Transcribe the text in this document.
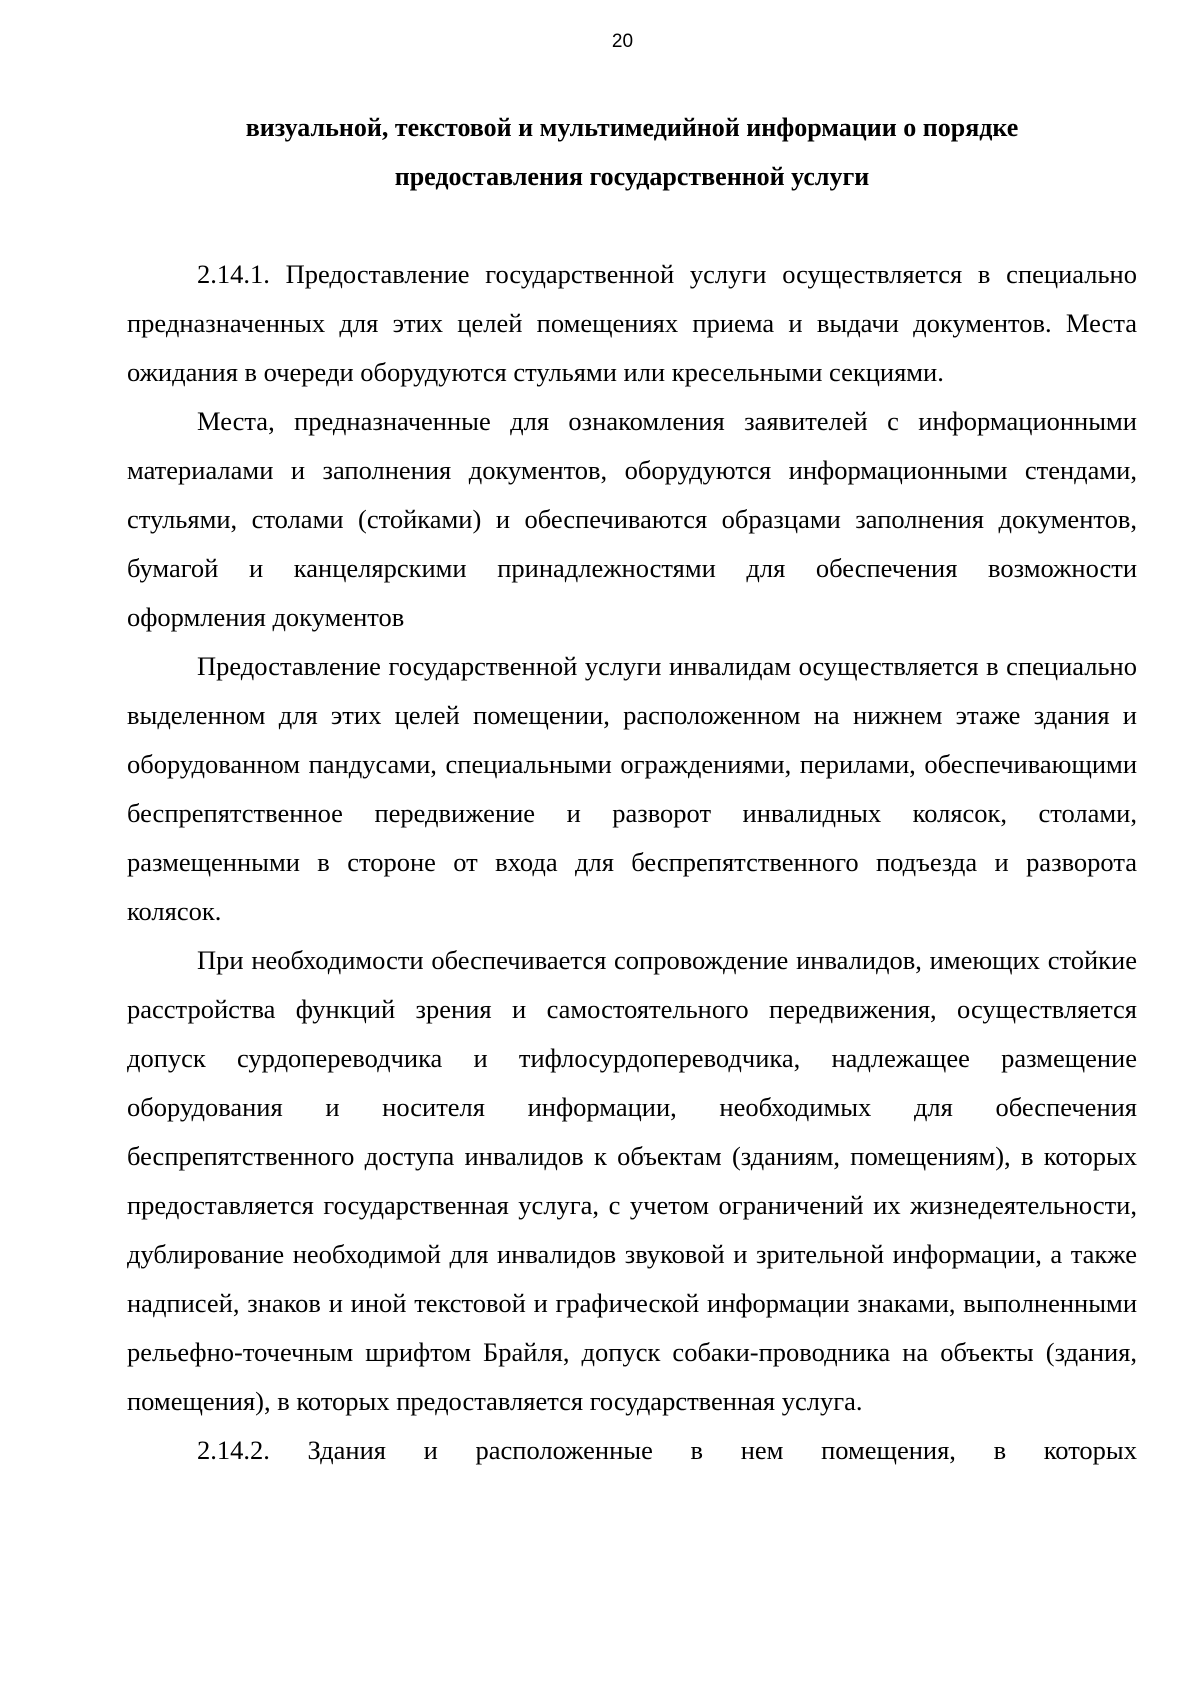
20
визуальной, текстовой и мультимедийной информации о порядке
предоставления государственной услуги

2.14.1. Предоставление государственной услуги осуществляется в специально предназначенных для этих целей помещениях приема и выдачи документов. Места ожидания в очереди оборудуются стульями или кресельными секциями.

Места, предназначенные для ознакомления заявителей с информационными материалами и заполнения документов, оборудуются информационными стендами, стульями, столами (стойками) и обеспечиваются образцами заполнения документов, бумагой и канцелярскими принадлежностями для обеспечения возможности оформления документов

Предоставление государственной услуги инвалидам осуществляется в специально выделенном для этих целей помещении, расположенном на нижнем этаже здания и оборудованном пандусами, специальными ограждениями, перилами, обеспечивающими беспрепятственное передвижение и разворот инвалидных колясок, столами, размещенными в стороне от входа для беспрепятственного подъезда и разворота колясок.

При необходимости обеспечивается сопровождение инвалидов, имеющих стойкие расстройства функций зрения и самостоятельного передвижения, осуществляется допуск сурдопереводчика и тифлосурдопереводчика, надлежащее размещение оборудования и носителя информации, необходимых для обеспечения беспрепятственного доступа инвалидов к объектам (зданиям, помещениям), в которых предоставляется государственная услуга, с учетом ограничений их жизнедеятельности, дублирование необходимой для инвалидов звуковой и зрительной информации, а также надписей, знаков и иной текстовой и графической информации знаками, выполненными рельефно-точечным шрифтом Брайля, допуск собаки-проводника на объекты (здания, помещения), в которых предоставляется государственная услуга.

2.14.2. Здания и расположенные в нем помещения, в которых
